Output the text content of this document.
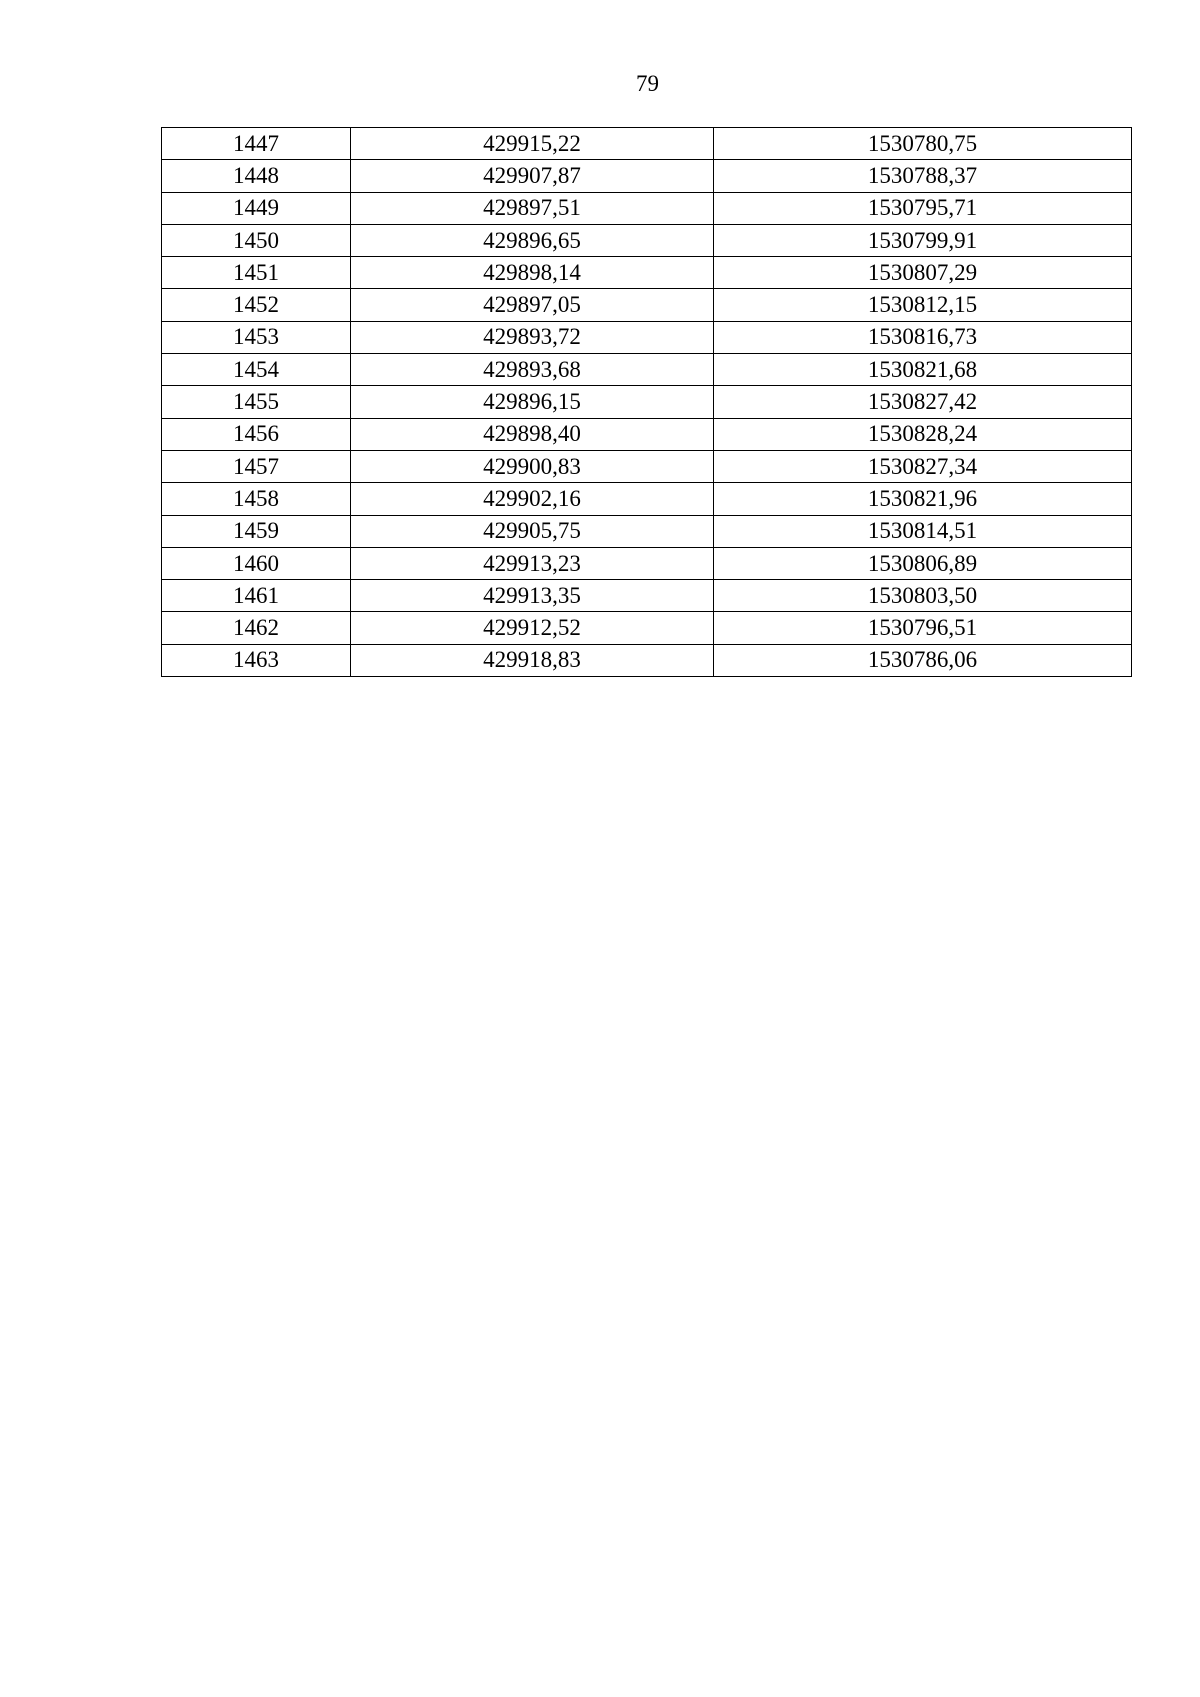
79
1447	429915,22	1530780,75
1448	429907,87	1530788,37
1449	429897,51	1530795,71
1450	429896,65	1530799,91
1451	429898,14	1530807,29
1452	429897,05	1530812,15
1453	429893,72	1530816,73
1454	429893,68	1530821,68
1455	429896,15	1530827,42
1456	429898,40	1530828,24
1457	429900,83	1530827,34
1458	429902,16	1530821,96
1459	429905,75	1530814,51
1460	429913,23	1530806,89
1461	429913,35	1530803,50
1462	429912,52	1530796,51
1463	429918,83	1530786,06
